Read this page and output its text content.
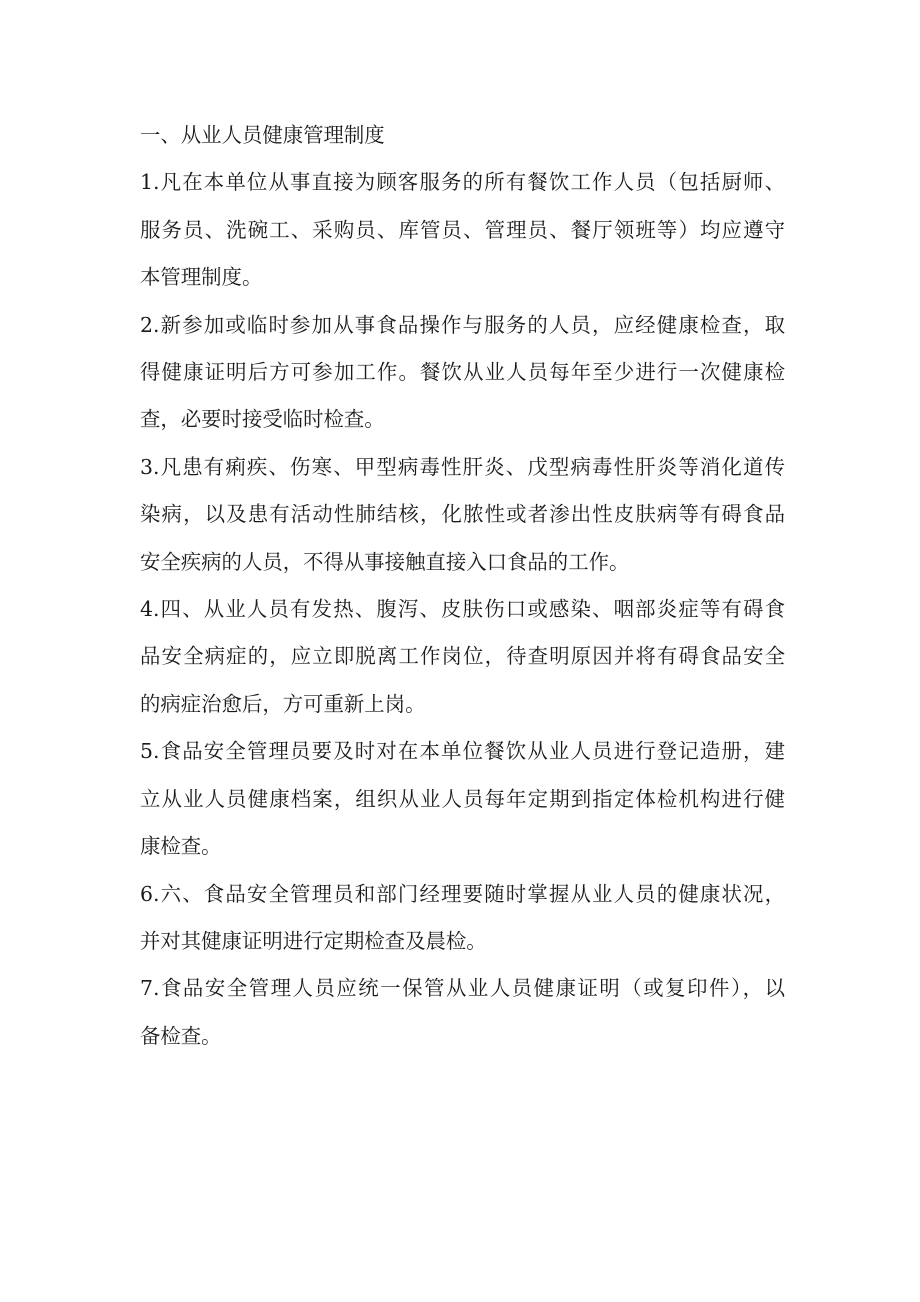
一、从业人员健康管理制度

1.凡在本单位从事直接为顾客服务的所有餐饮工作人员（包括厨师、
服务员、洗碗工、采购员、库管员、管理员、餐厅领班等）均应遵守
本管理制度。

2.新参加或临时参加从事食品操作与服务的人员，应经健康检查，取
得健康证明后方可参加工作。餐饮从业人员每年至少进行一次健康检
查，必要时接受临时检查。

3.凡患有痢疾、伤寒、甲型病毒性肝炎、戊型病毒性肝炎等消化道传
染病，以及患有活动性肺结核，化脓性或者渗出性皮肤病等有碍食品
安全疾病的人员，不得从事接触直接入口食品的工作。

4.四、从业人员有发热、腹泻、皮肤伤口或感染、咽部炎症等有碍食
品安全病症的，应立即脱离工作岗位，待查明原因并将有碍食品安全
的病症治愈后，方可重新上岗。

5.食品安全管理员要及时对在本单位餐饮从业人员进行登记造册，建
立从业人员健康档案，组织从业人员每年定期到指定体检机构进行健
康检查。

6.六、食品安全管理员和部门经理要随时掌握从业人员的健康状况，
并对其健康证明进行定期检查及晨检。

7.食品安全管理人员应统一保管从业人员健康证明（或复印件），以
备检查。
